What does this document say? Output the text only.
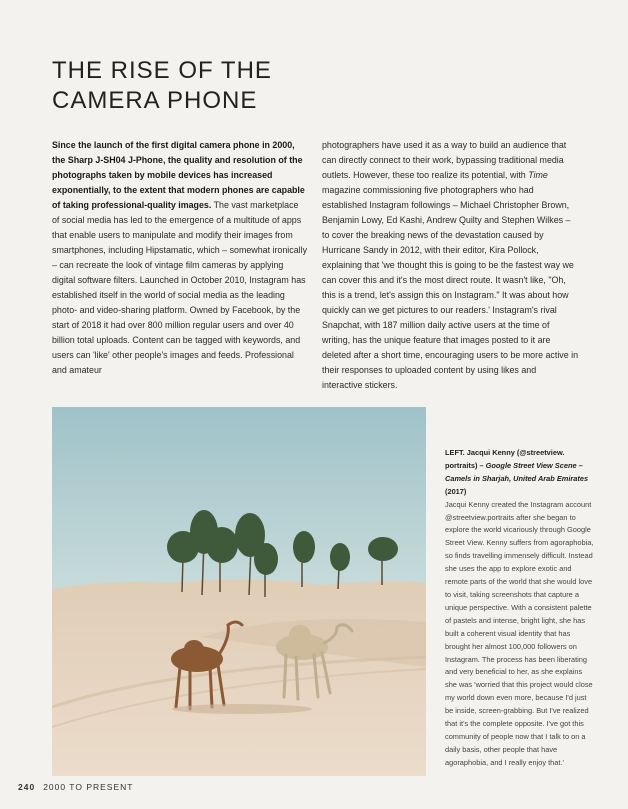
THE RISE OF THE
CAMERA PHONE
Since the launch of the first digital camera phone in 2000, the Sharp J-SH04 J-Phone, the quality and resolution of the photographs taken by mobile devices has increased exponentially, to the extent that modern phones are capable of taking professional-quality images. The vast marketplace of social media has led to the emergence of a multitude of apps that enable users to manipulate and modify their images from smartphones, including Hipstamatic, which – somewhat ironically – can recreate the look of vintage film cameras by applying digital software filters. Launched in October 2010, Instagram has established itself in the world of social media as the leading photo- and video-sharing platform. Owned by Facebook, by the start of 2018 it had over 800 million regular users and over 40 billion total uploads. Content can be tagged with keywords, and users can 'like' other people's images and feeds. Professional and amateur
photographers have used it as a way to build an audience that can directly connect to their work, bypassing traditional media outlets. However, these too realize its potential, with Time magazine commissioning five photographers who had established Instagram followings – Michael Christopher Brown, Benjamin Lowy, Ed Kashi, Andrew Quilty and Stephen Wilkes – to cover the breaking news of the devastation caused by Hurricane Sandy in 2012, with their editor, Kira Pollock, explaining that 'we thought this is going to be the fastest way we can cover this and it's the most direct route. It wasn't like, "Oh, this is a trend, let's assign this on Instagram." It was about how quickly can we get pictures to our readers.' Instagram's rival Snapchat, with 187 million daily active users at the time of writing, has the unique feature that images posted to it are deleted after a short time, encouraging users to be more active in their responses to uploaded content by using likes and interactive stickers.
LEFT. Jacqui Kenny (@streetview. portraits) – Google Street View Scene – Camels in Sharjah, United Arab Emirates (2017)
Jacqui Kenny created the Instagram account @streetview.portraits after she began to explore the world vicariously through Google Street View. Kenny suffers from agoraphobia, so finds travelling immensely difficult. Instead she uses the app to explore exotic and remote parts of the world that she would love to visit, taking screenshots that capture a unique perspective. With a consistent palette of pastels and intense, bright light, she has built a coherent visual identity that has brought her almost 100,000 followers on Instagram. The process has been liberating and very beneficial to her, as she explains she was 'worried that this project would close my world down even more, because I'd just be inside, screen-grabbing. But I've realized that it's the complete opposite. I've got this community of people now that I talk to on a daily basis, other people that have agoraphobia, and I really enjoy that.'
240 2000 TO PRESENT
